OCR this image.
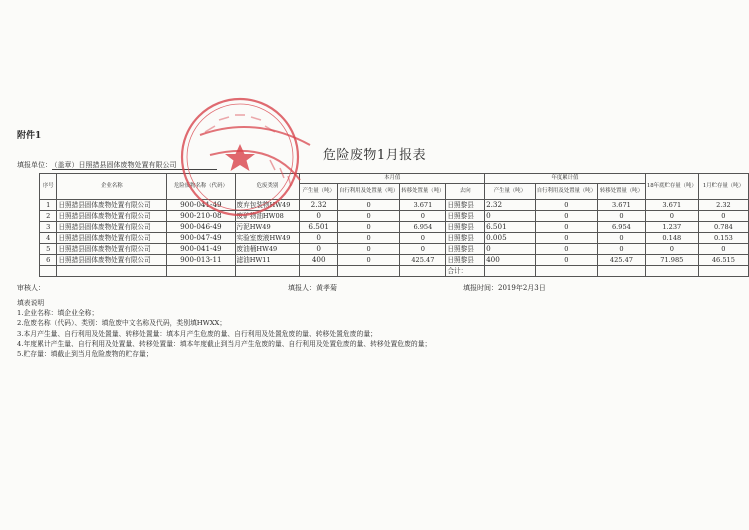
附件1
危险废物1月报表
填报单位： （盖章）日照措县固体废物处置有限公司
序号	企业名称	危险废物名称（代码）	危废类别	本月值				年度累计值			18年底贮存量（吨）	1月贮存量（吨）
				产生量（吨）	自行利用及处置量（吨）	转移处置量（吨）	去向	产生量（吨）	自行利用及处置量（吨）	转移处置量（吨）		
1	日照措县固体废物处置有限公司	900-041-49	废弃包装物HW49	2.32	0	3.671	日照黎县	2.32	0	3.671	3.671	2.32
2	日照措县固体废物处置有限公司	900-210-08	废矿物油HW08	0	0	0	日照黎县	0	0	0	0	0
3	日照措县固体废物处置有限公司	900-046-49	污泥HW49	6.501	0	6.954	日照黎县	6.501	0	6.954	1.237	0.784
4	日照措县固体废物处置有限公司	900-047-49	实验室废液HW49	0	0	0	日照黎县	0.005	0	0	0.148	0.153
5	日照措县固体废物处置有限公司	900-041-49	废油桶HW49	0	0	0	日照黎县	0	0	0	0	0
6	日照措县固体废物处置有限公司	900-013-11	滤油HW11	400	0	425.47	日照黎县	400	0	425.47	71.985	46.515
							合计：					
审核人：	填报人：黄孝菊	填报时间：2019年2月3日
填表说明
1.企业名称：填企业全称；
2.危废名称（代码）、类别：填危废中文名称及代码，类别填HWXX；
3.本月产生量、自行利用及处置量、转移处置量：填本月产生危废的量、自行利用及处置危废的量、转移处置危废的量；
4.年度累计产生量、自行利用及处置量、转移处置量：填本年度截止到当月产生危废的量、自行利用及处置危废的量、转移处置危废的量；
5.贮存量：填截止到当月危险废物的贮存量；
